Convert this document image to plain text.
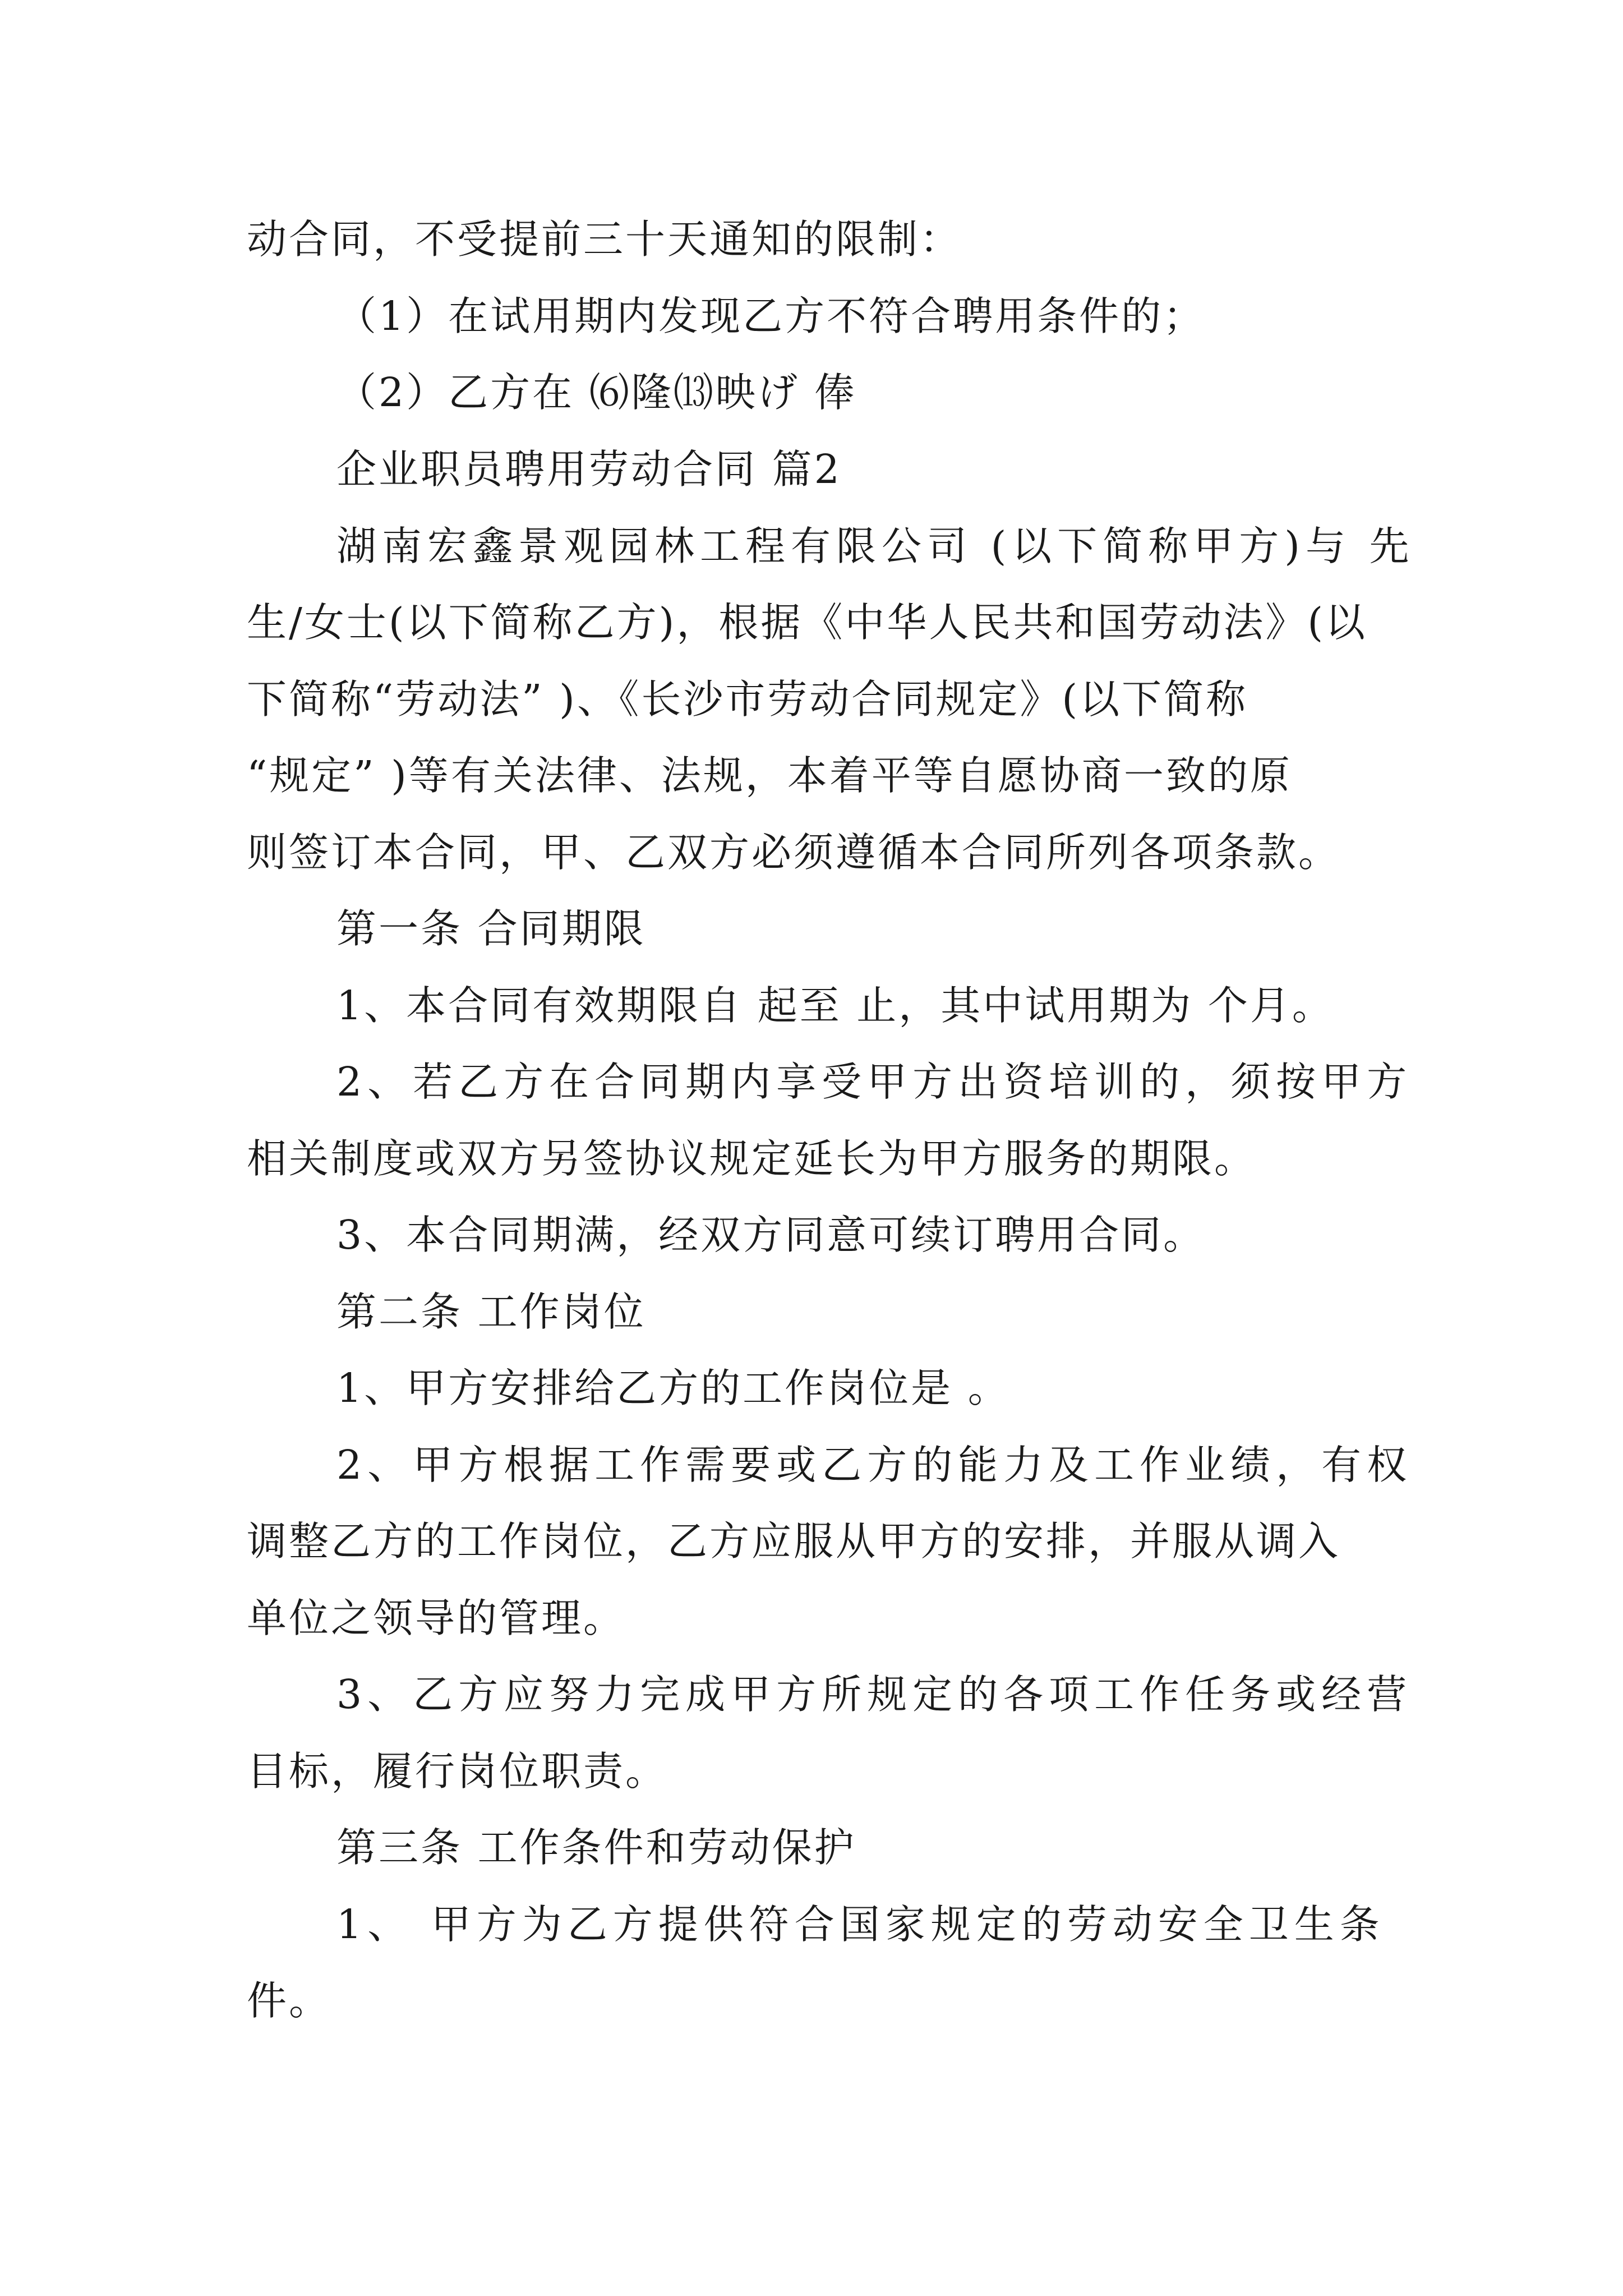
动合同，不受提前三十天通知的限制：

（1）在试用期内发现乙方不符合聘用条件的；

（2）乙方在 ⑹隆⒀映げ 俸

企业职员聘用劳动合同 篇2

湖南宏鑫景观园林工程有限公司 (以下简称甲方)与 先

生/女士(以下简称乙方)，根据《中华人民共和国劳动法》(以

下简称“劳动法” )、《长沙市劳动合同规定》(以下简称

“规定” )等有关法律、法规，本着平等自愿协商一致的原

则签订本合同，甲、乙双方必须遵循本合同所列各项条款。

第一条 合同期限

1、本合同有效期限自 起至 止，其中试用期为 个月。

2、若乙方在合同期内享受甲方出资培训的，须按甲方

相关制度或双方另签协议规定延长为甲方服务的期限。

3、本合同期满，经双方同意可续订聘用合同。

第二条 工作岗位

1、甲方安排给乙方的工作岗位是 。

2、甲方根据工作需要或乙方的能力及工作业绩，有权

调整乙方的工作岗位，乙方应服从甲方的安排，并服从调入

单位之领导的管理。

3、乙方应努力完成甲方所规定的各项工作任务或经营

目标，履行岗位职责。

第三条 工作条件和劳动保护

1、 甲方为乙方提供符合国家规定的劳动安全卫生条

件。
